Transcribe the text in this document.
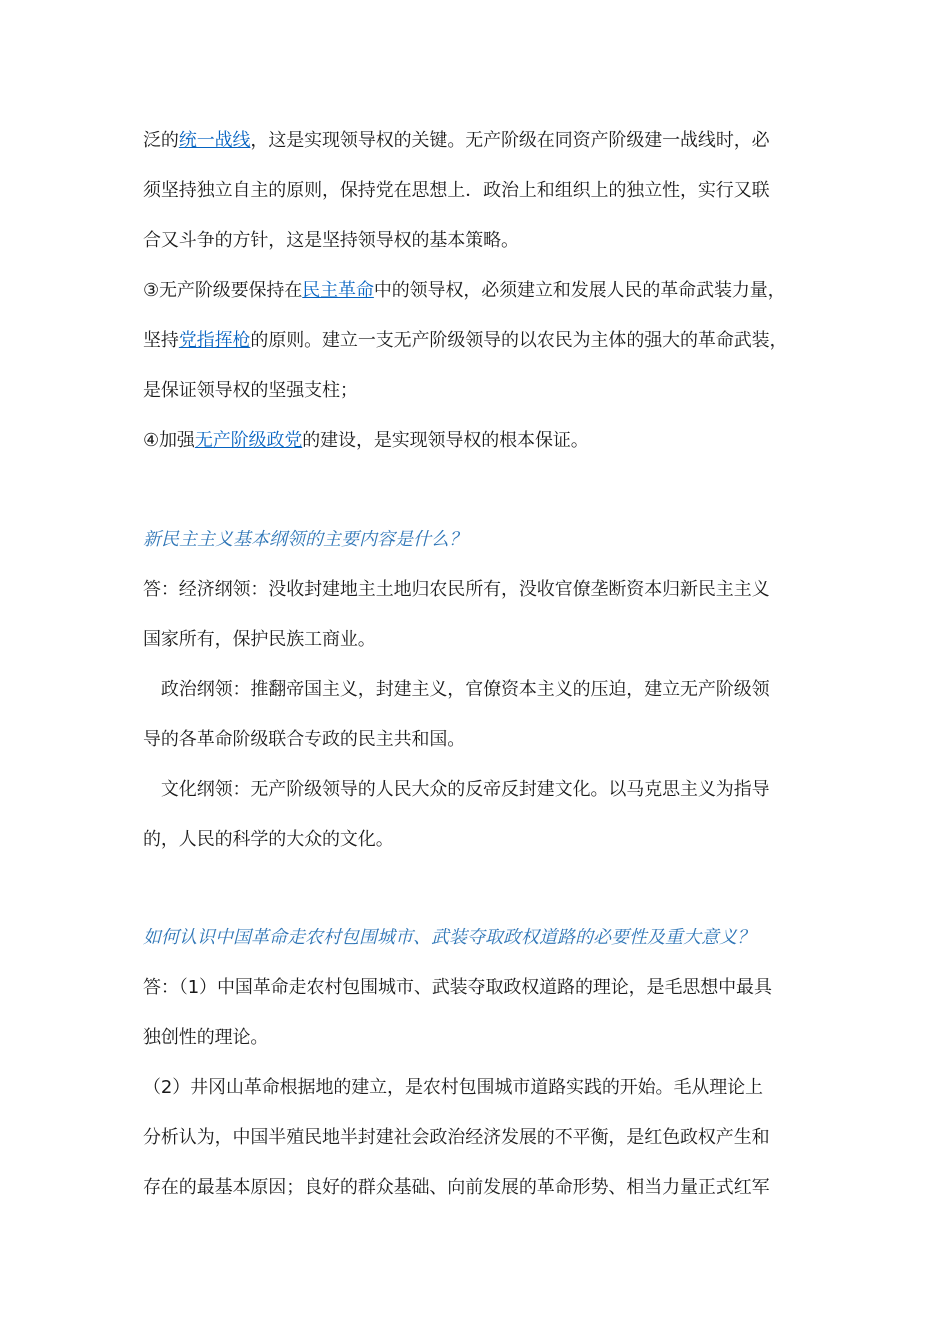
泛的统一战线，这是实现领导权的关键。无产阶级在同资产阶级建一战线时，必
须坚持独立自主的原则，保持党在思想上．政治上和组织上的独立性，实行又联
合又斗争的方针，这是坚持领导权的基本策略。
③无产阶级要保持在民主革命中的领导权，必须建立和发展人民的革命武装力量，
坚持党指挥枪的原则。建立一支无产阶级领导的以农民为主体的强大的革命武装，
是保证领导权的坚强支柱；
④加强无产阶级政党的建设，是实现领导权的根本保证。
新民主主义基本纲领的主要内容是什么？
答：经济纲领：没收封建地主土地归农民所有，没收官僚垄断资本归新民主主义
国家所有，保护民族工商业。
　政治纲领：推翻帝国主义，封建主义，官僚资本主义的压迫，建立无产阶级领
导的各革命阶级联合专政的民主共和国。
　文化纲领：无产阶级领导的人民大众的反帝反封建文化。以马克思主义为指导
的，人民的科学的大众的文化。
如何认识中国革命走农村包围城市、武装夺取政权道路的必要性及重大意义？
答：（1）中国革命走农村包围城市、武装夺取政权道路的理论，是毛思想中最具
独创性的理论。
（2）井冈山革命根据地的建立，是农村包围城市道路实践的开始。毛从理论上
分析认为，中国半殖民地半封建社会政治经济发展的不平衡，是红色政权产生和
存在的最基本原因；良好的群众基础、向前发展的革命形势、相当力量正式红军
